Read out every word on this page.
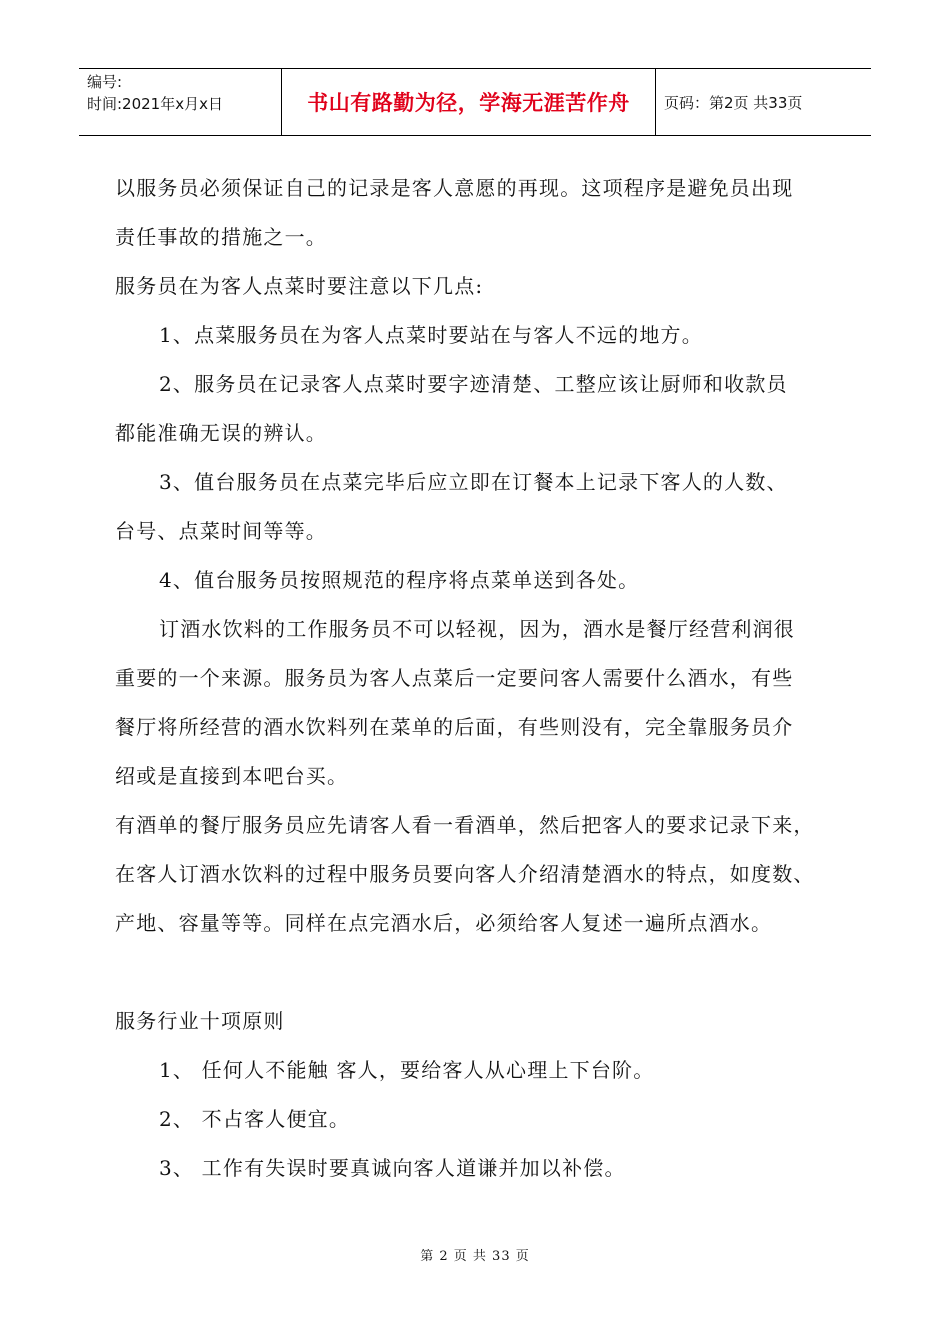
编号:
时间:2021年x月x日	书山有路勤为径，学海无涯苦作舟	页码：第2页 共33页
以服务员必须保证自己的记录是客人意愿的再现。这项程序是避免员出现
责任事故的措施之一。
服务员在为客人点菜时要注意以下几点:
1、点菜服务员在为客人点菜时要站在与客人不远的地方。
2、服务员在记录客人点菜时要字迹清楚、工整应该让厨师和收款员
都能准确无误的辨认。
3、值台服务员在点菜完毕后应立即在订餐本上记录下客人的人数、
台号、点菜时间等等。
4、值台服务员按照规范的程序将点菜单送到各处。
订酒水饮料的工作服务员不可以轻视，因为，酒水是餐厅经营利润很
重要的一个来源。服务员为客人点菜后一定要问客人需要什么酒水，有些
餐厅将所经营的酒水饮料列在菜单的后面，有些则没有，完全靠服务员介
绍或是直接到本吧台买。
有酒单的餐厅服务员应先请客人看一看酒单，然后把客人的要求记录下来，
在客人订酒水饮料的过程中服务员要向客人介绍清楚酒水的特点，如度数、
产地、容量等等。同样在点完酒水后，必须给客人复述一遍所点酒水。
服务行业十项原则
1、 任何人不能触 客人，要给客人从心理上下台阶。
2、 不占客人便宜。
3、 工作有失误时要真诚向客人道谦并加以补偿。
第 2 页 共 33 页
